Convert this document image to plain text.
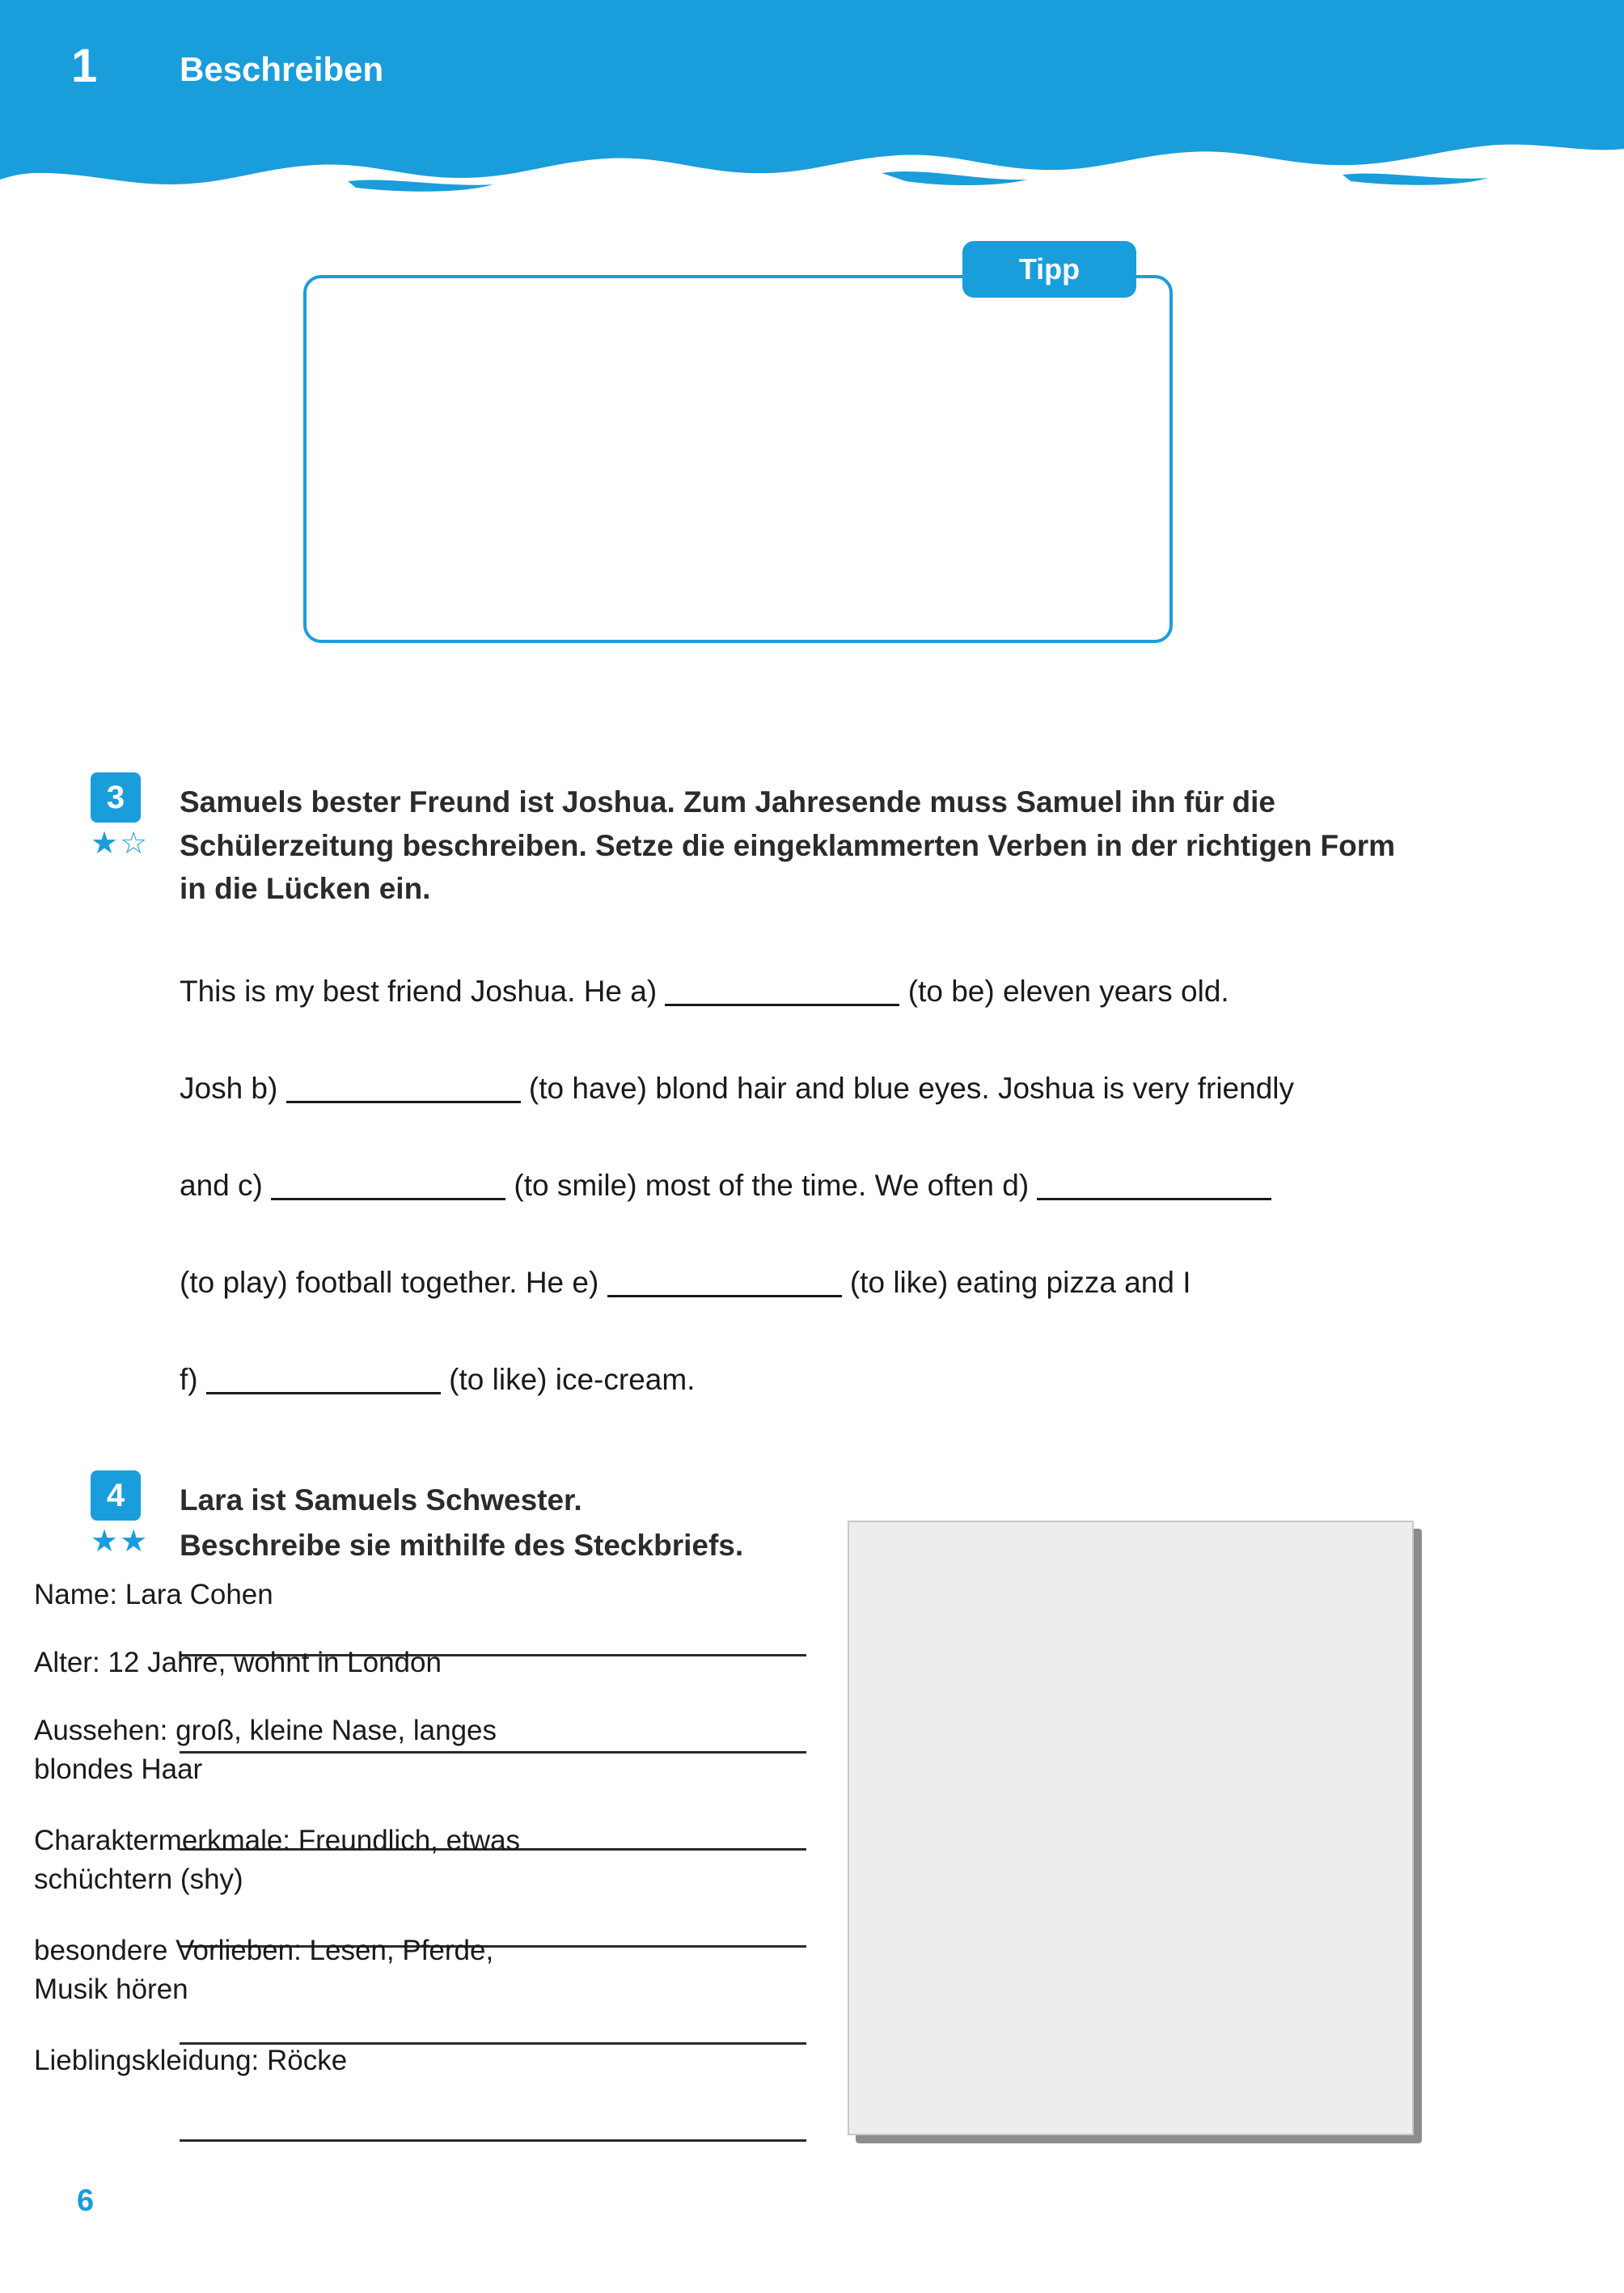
1 Beschreiben
Tipp
3
★☆
Samuels bester Freund ist Joshua. Zum Jahresende muss Samuel ihn für die Schülerzeitung beschreiben. Setze die eingeklammerten Verben in der richtigen Form in die Lücken ein.
This is my best friend Joshua. He a)	(to be) eleven years old.
Josh b)	(to have) blond hair and blue eyes. Joshua is very friendly
and c)	(to smile) most of the time. We often d)
(to play) football together. He e)	(to like) eating pizza and I
f)	(to like) ice-cream.
4
★★
Lara ist Samuels Schwester.
Beschreibe sie mithilfe des Steckbriefs.
Name: Lara Cohen
Alter: 12 Jahre, wohnt in London
Aussehen: groß, kleine Nase, langes blondes Haar
Charaktermerkmale: Freundlich, etwas schüchtern (shy)
besondere Vorlieben: Lesen, Pferde, Musik hören
Lieblingskleidung: Röcke
6
